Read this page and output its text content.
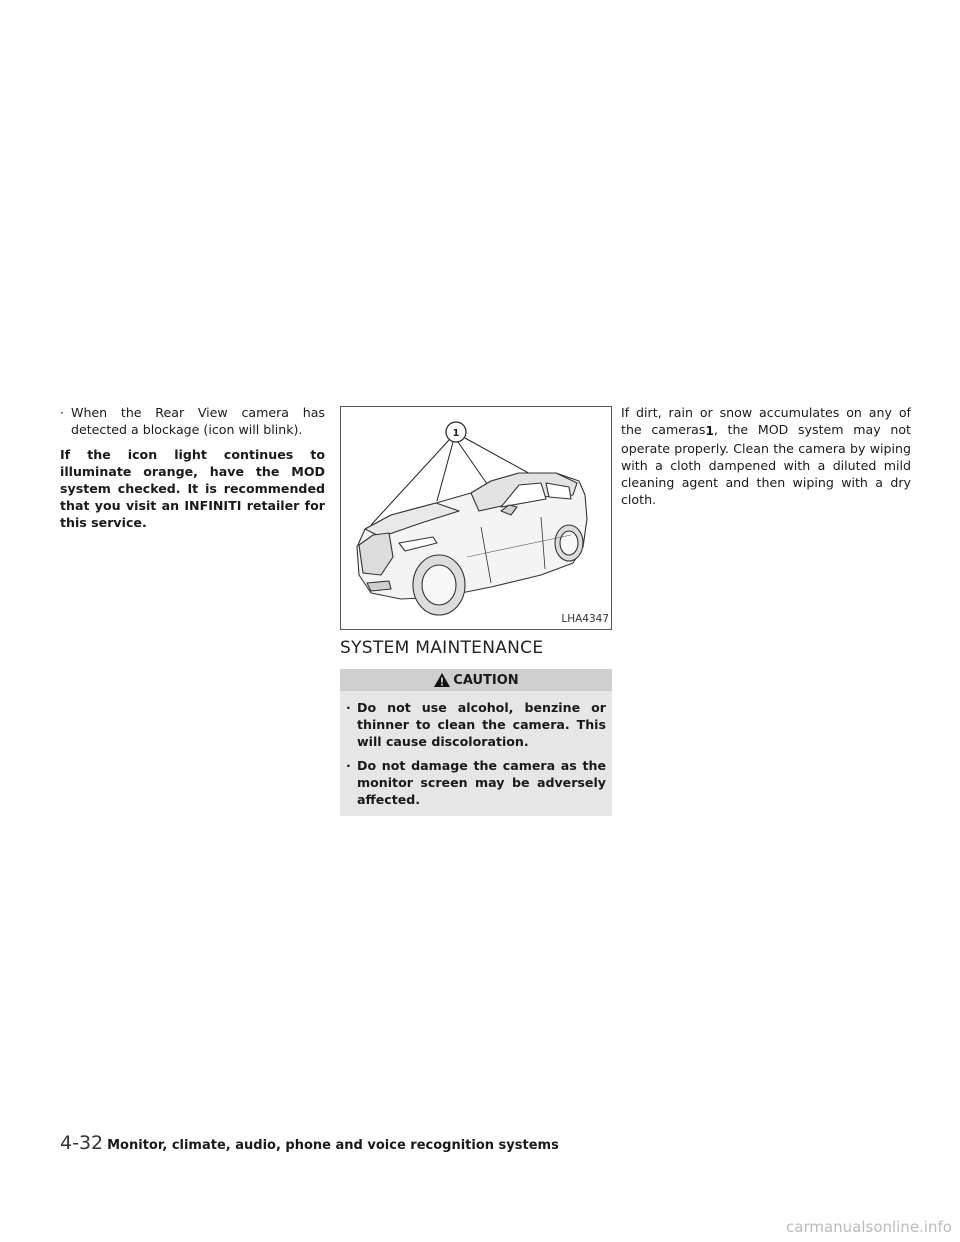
· When the Rear View camera has detected a blockage (icon will blink).
If the icon light continues to illuminate orange, have the MOD system checked. It is recommended that you visit an INFINITI retailer for this service.
1
LHA4347
SYSTEM MAINTENANCE
CAUTION
· Do not use alcohol, benzine or thinner to clean the camera. This will cause discoloration.
· Do not damage the camera as the monitor screen may be adversely affected.
If dirt, rain or snow accumulates on any of the cameras1, the MOD system may not operate properly. Clean the camera by wiping with a cloth dampened with a diluted mild cleaning agent and then wiping with a dry cloth.
4-32 Monitor, climate, audio, phone and voice recognition systems
carmanualsonline.info
